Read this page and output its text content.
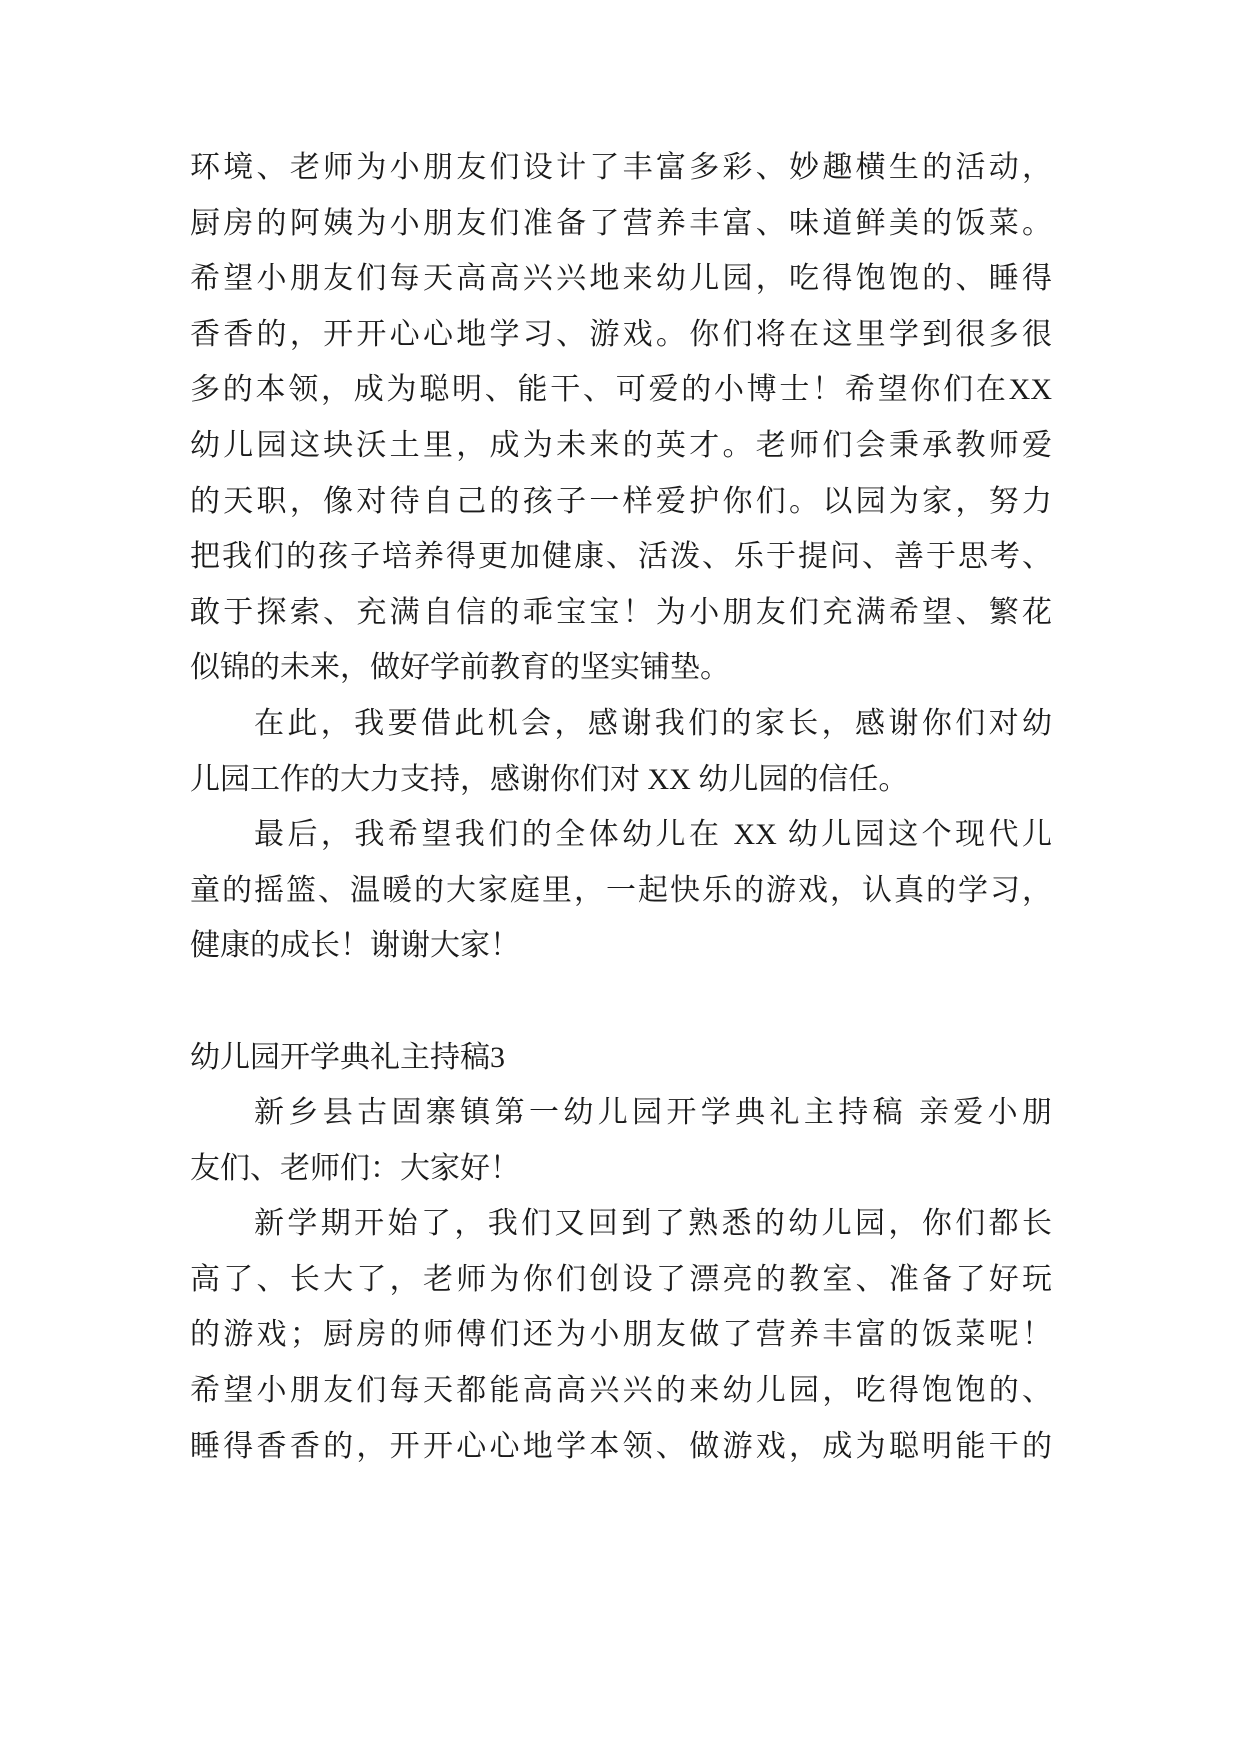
环境、老师为小朋友们设计了丰富多彩、妙趣横生的活动，
厨房的阿姨为小朋友们准备了营养丰富、味道鲜美的饭菜。
希望小朋友们每天高高兴兴地来幼儿园，吃得饱饱的、睡得
香香的，开开心心地学习、游戏。你们将在这里学到很多很
多的本领，成为聪明、能干、可爱的小博士！希望你们在XX
幼儿园这块沃土里，成为未来的英才。老师们会秉承教师爱
的天职，像对待自己的孩子一样爱护你们。以园为家，努力
把我们的孩子培养得更加健康、活泼、乐于提问、善于思考、
敢于探索、充满自信的乖宝宝！为小朋友们充满希望、繁花
似锦的未来，做好学前教育的坚实铺垫。
在此，我要借此机会，感谢我们的家长，感谢你们对幼
儿园工作的大力支持，感谢你们对 XX 幼儿园的信任。
最后，我希望我们的全体幼儿在 XX 幼儿园这个现代儿
童的摇篮、温暖的大家庭里，一起快乐的游戏，认真的学习，
健康的成长！谢谢大家！
幼儿园开学典礼主持稿3
新乡县古固寨镇第一幼儿园开学典礼主持稿 亲爱小朋
友们、老师们：大家好！
新学期开始了，我们又回到了熟悉的幼儿园，你们都长
高了、长大了，老师为你们创设了漂亮的教室、准备了好玩
的游戏；厨房的师傅们还为小朋友做了营养丰富的饭菜呢！
希望小朋友们每天都能高高兴兴的来幼儿园，吃得饱饱的、
睡得香香的，开开心心地学本领、做游戏，成为聪明能干的
